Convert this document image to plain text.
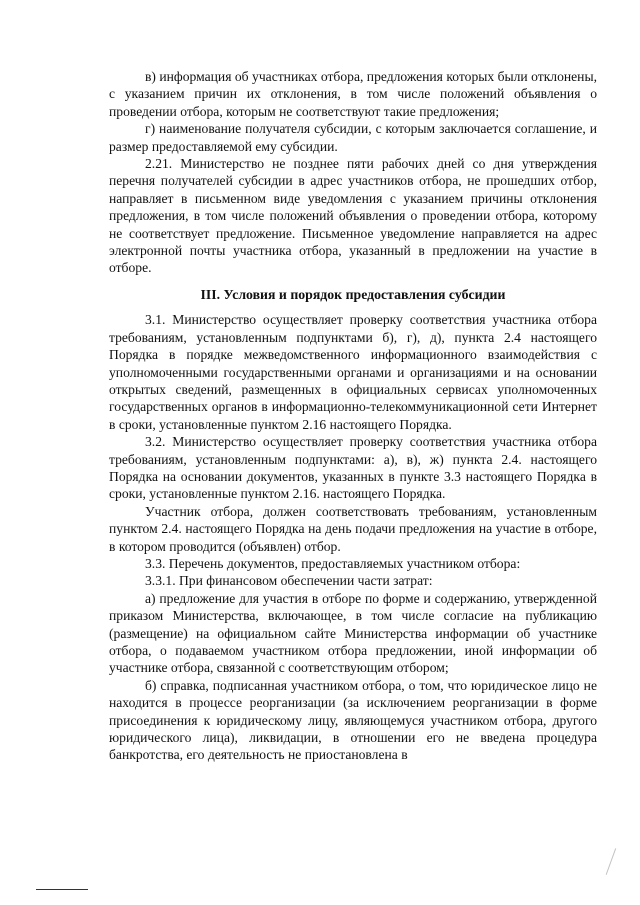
в) информация об участниках отбора, предложения которых были отклонены, с указанием причин их отклонения, в том числе положений объявления о проведении отбора, которым не соответствуют такие предложения;

г) наименование получателя субсидии, с которым заключается соглашение, и размер предоставляемой ему субсидии.

2.21. Министерство не позднее пяти рабочих дней со дня утверждения перечня получателей субсидии в адрес участников отбора, не прошедших отбор, направляет в письменном виде уведомления с указанием причины отклонения предложения, в том числе положений объявления о проведении отбора, которому не соответствует предложение. Письменное уведомление направляется на адрес электронной почты участника отбора, указанный в предложении на участие в отборе.

III. Условия и порядок предоставления субсидии

3.1. Министерство осуществляет проверку соответствия участника отбора требованиям, установленным подпунктами б), г), д), пункта 2.4 настоящего Порядка в порядке межведомственного информационного взаимодействия с уполномоченными государственными органами и организациями и на основании открытых сведений, размещенных в официальных сервисах уполномоченных государственных органов в информационно-телекоммуникационной сети Интернет в сроки, установленные пунктом 2.16 настоящего Порядка.

3.2. Министерство осуществляет проверку соответствия участника отбора требованиям, установленным подпунктами: а), в), ж) пункта 2.4. настоящего Порядка на основании документов, указанных в пункте 3.3 настоящего Порядка в сроки, установленные пунктом 2.16. настоящего Порядка.

Участник отбора, должен соответствовать требованиям, установленным пунктом 2.4. настоящего Порядка на день подачи предложения на участие в отборе, в котором проводится (объявлен) отбор.

3.3. Перечень документов, предоставляемых участником отбора:

3.3.1. При финансовом обеспечении части затрат:

а) предложение для участия в отборе по форме и содержанию, утвержденной приказом Министерства, включающее, в том числе согласие на публикацию (размещение) на официальном сайте Министерства информации об участнике отбора, о подаваемом участником отбора предложении, иной информации об участнике отбора, связанной с соответствующим отбором;

б) справка, подписанная участником отбора, о том, что юридическое лицо не находится в процессе реорганизации (за исключением реорганизации в форме присоединения к юридическому лицу, являющемуся участником отбора, другого юридического лица), ликвидации, в отношении его не введена процедура банкротства, его деятельность не приостановлена в
